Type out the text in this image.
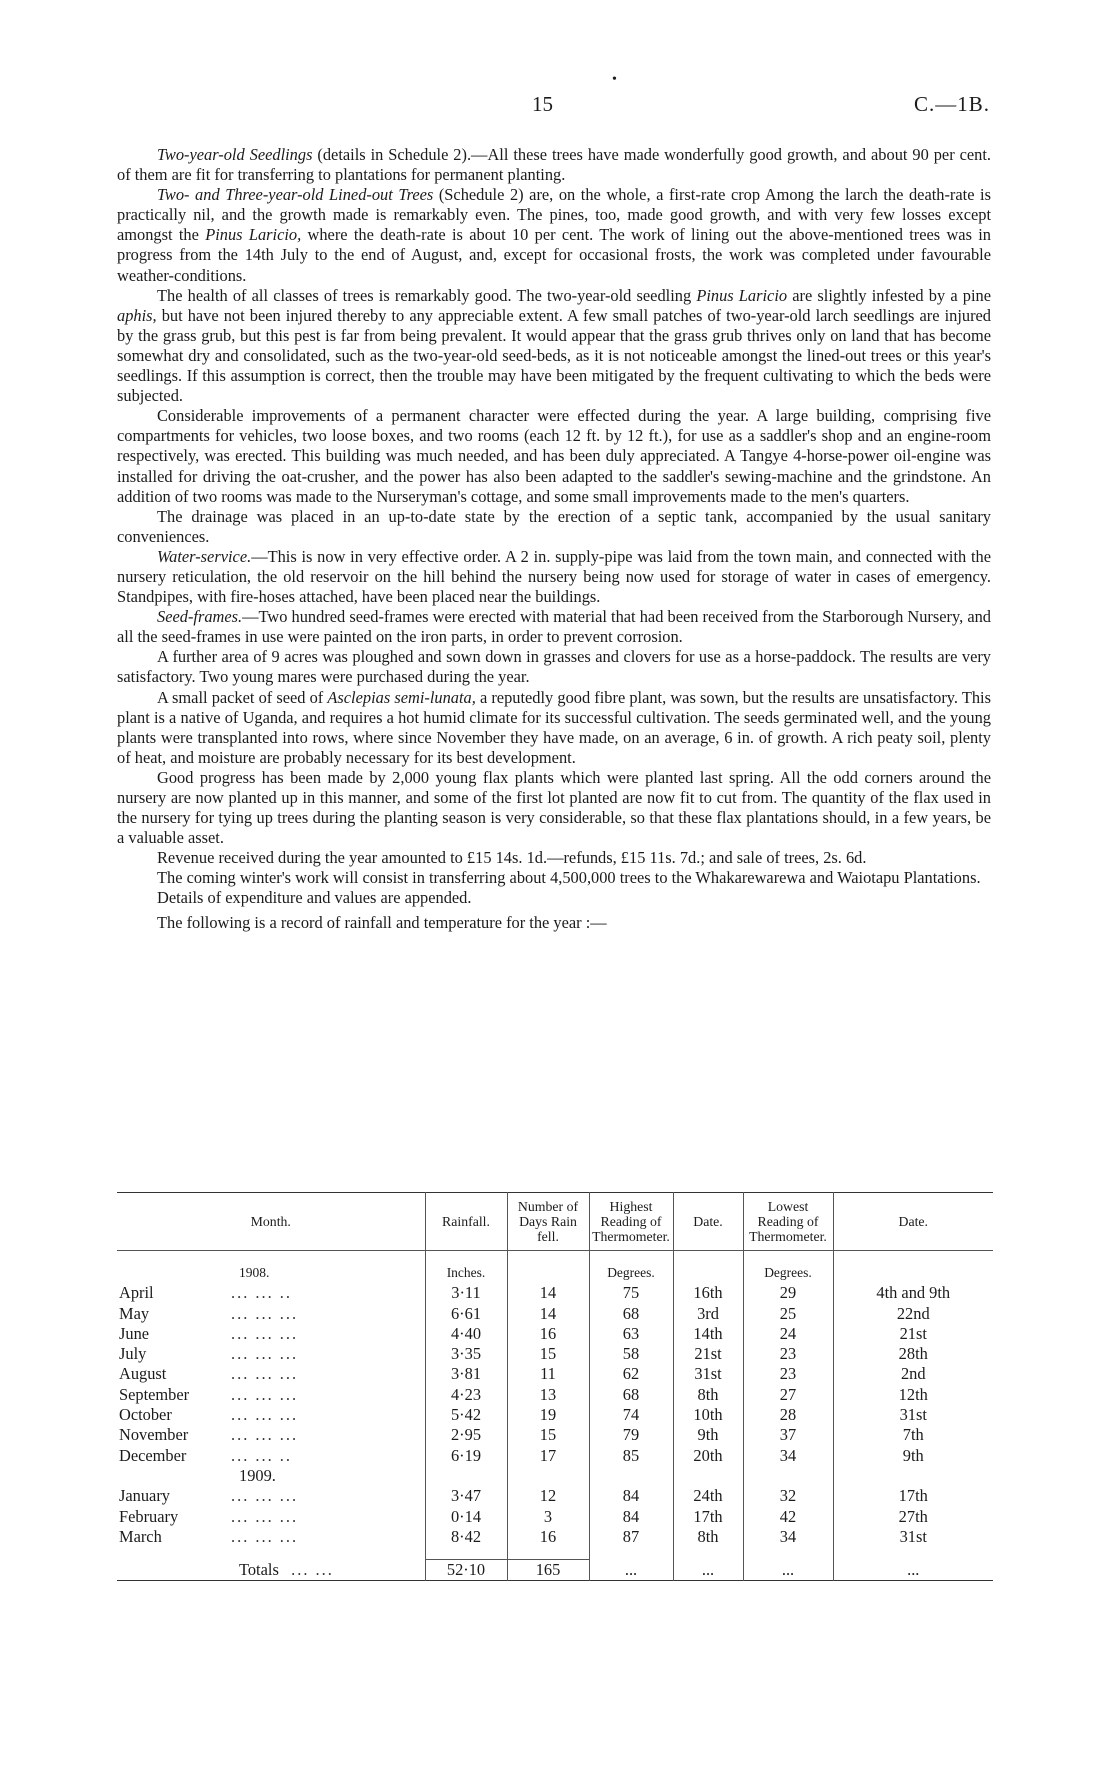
•
15	C.—1B.

Two-year-old Seedlings (details in Schedule 2).—All these trees have made wonderfully good growth, and about 90 per cent. of them are fit for transferring to plantations for permanent planting.

Two- and Three-year-old Lined-out Trees (Schedule 2) are, on the whole, a first-rate crop Among the larch the death-rate is practically nil, and the growth made is remarkably even. The pines, too, made good growth, and with very few losses except amongst the Pinus Laricio, where the death-rate is about 10 per cent. The work of lining out the above-mentioned trees was in progress from the 14th July to the end of August, and, except for occasional frosts, the work was completed under favourable weather-conditions.

The health of all classes of trees is remarkably good. The two-year-old seedling Pinus Laricio are slightly infested by a pine aphis, but have not been injured thereby to any appreciable extent. A few small patches of two-year-old larch seedlings are injured by the grass grub, but this pest is far from being prevalent. It would appear that the grass grub thrives only on land that has become somewhat dry and consolidated, such as the two-year-old seed-beds, as it is not noticeable amongst the lined-out trees or this year's seedlings. If this assumption is correct, then the trouble may have been mitigated by the frequent cultivating to which the beds were subjected.

Considerable improvements of a permanent character were effected during the year. A large building, comprising five compartments for vehicles, two loose boxes, and two rooms (each 12 ft. by 12 ft.), for use as a saddler's shop and an engine-room respectively, was erected. This building was much needed, and has been duly appreciated. A Tangye 4-horse-power oil-engine was installed for driving the oat-crusher, and the power has also been adapted to the saddler's sewing-machine and the grindstone. An addition of two rooms was made to the Nurseryman's cottage, and some small improvements made to the men's quarters.

The drainage was placed in an up-to-date state by the erection of a septic tank, accompanied by the usual sanitary conveniences.

Water-service.—This is now in very effective order. A 2 in. supply-pipe was laid from the town main, and connected with the nursery reticulation, the old reservoir on the hill behind the nursery being now used for storage of water in cases of emergency. Standpipes, with fire-hoses attached, have been placed near the buildings.

Seed-frames.—Two hundred seed-frames were erected with material that had been received from the Starborough Nursery, and all the seed-frames in use were painted on the iron parts, in order to prevent corrosion.

A further area of 9 acres was ploughed and sown down in grasses and clovers for use as a horse-paddock. The results are very satisfactory. Two young mares were purchased during the year.

A small packet of seed of Asclepias semi-lunata, a reputedly good fibre plant, was sown, but the results are unsatisfactory. This plant is a native of Uganda, and requires a hot humid climate for its successful cultivation. The seeds germinated well, and the young plants were transplanted into rows, where since November they have made, on an average, 6 in. of growth. A rich peaty soil, plenty of heat, and moisture are probably necessary for its best development.

Good progress has been made by 2,000 young flax plants which were planted last spring. All the odd corners around the nursery are now planted up in this manner, and some of the first lot planted are now fit to cut from. The quantity of the flax used in the nursery for tying up trees during the planting season is very considerable, so that these flax plantations should, in a few years, be a valuable asset.

Revenue received during the year amounted to £15 14s. 1d.—refunds, £15 11s. 7d.; and sale of trees, 2s. 6d.

The coming winter's work will consist in transferring about 4,500,000 trees to the Whakarewarewa and Waiotapu Plantations.

Details of expenditure and values are appended.

The following is a record of rainfall and temperature for the year :—

Month.	Rainfall.	Number of Days Rain fell.	Highest Reading of Thermometer.	Date.	Lowest Reading of Thermometer.	Date.

1908.	Inches.		Degrees.		Degrees.	
April ... ... ..	3·11	14	75	16th	29	4th and 9th
May ... ... ...	6·61	14	68	3rd	25	22nd
June ... ... ...	4·40	16	63	14th	24	21st
July ... ... ...	3·35	15	58	21st	23	28th
August ... ... ...	3·81	11	62	31st	23	2nd
September ... ... ...	4·23	13	68	8th	27	12th
October ... ... ...	5·42	19	74	10th	28	31st
November ... ... ...	2·95	15	79	9th	37	7th
December ... ... ..	6·19	17	85	20th	34	9th
1909.						
January ... ... ...	3·47	12	84	24th	32	17th
February ... ... ...	0·14	3	84	17th	42	27th
March ... ... ...	8·42	16	87	8th	34	31st

Totals ... ...	52·10	165	...	...	...	...
